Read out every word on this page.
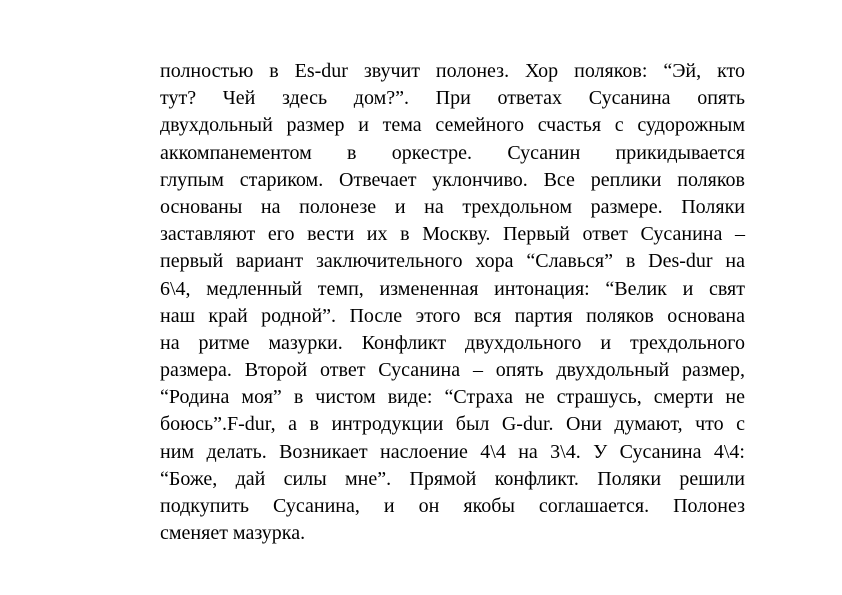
полностью в Es-dur звучит полонез. Хор поляков: “Эй, кто
тут? Чей здесь дом?”. При ответах Сусанина опять
двухдольный размер и тема семейного счастья с судорожным
аккомпанементом в оркестре. Сусанин прикидывается
глупым стариком. Отвечает уклончиво. Все реплики поляков
основаны на полонезе и на трехдольном размере. Поляки
заставляют его вести их в Москву. Первый ответ Сусанина –
первый вариант заключительного хора “Славься” в Des-dur на
6\4, медленный темп, измененная интонация: “Велик и свят
наш край родной”. После этого вся партия поляков основана
на ритме мазурки. Конфликт двухдольного и трехдольного
размера. Второй ответ Сусанина – опять двухдольный размер,
“Родина моя” в чистом виде: “Страха не страшусь, смерти не
боюсь”.F-dur, а в интродукции был G-dur. Они думают, что с
ним делать. Возникает наслоение 4\4 на 3\4. У Сусанина 4\4:
“Боже, дай силы мне”. Прямой конфликт. Поляки решили
подкупить Сусанина, и он якобы соглашается. Полонез
сменяет мазурка.
